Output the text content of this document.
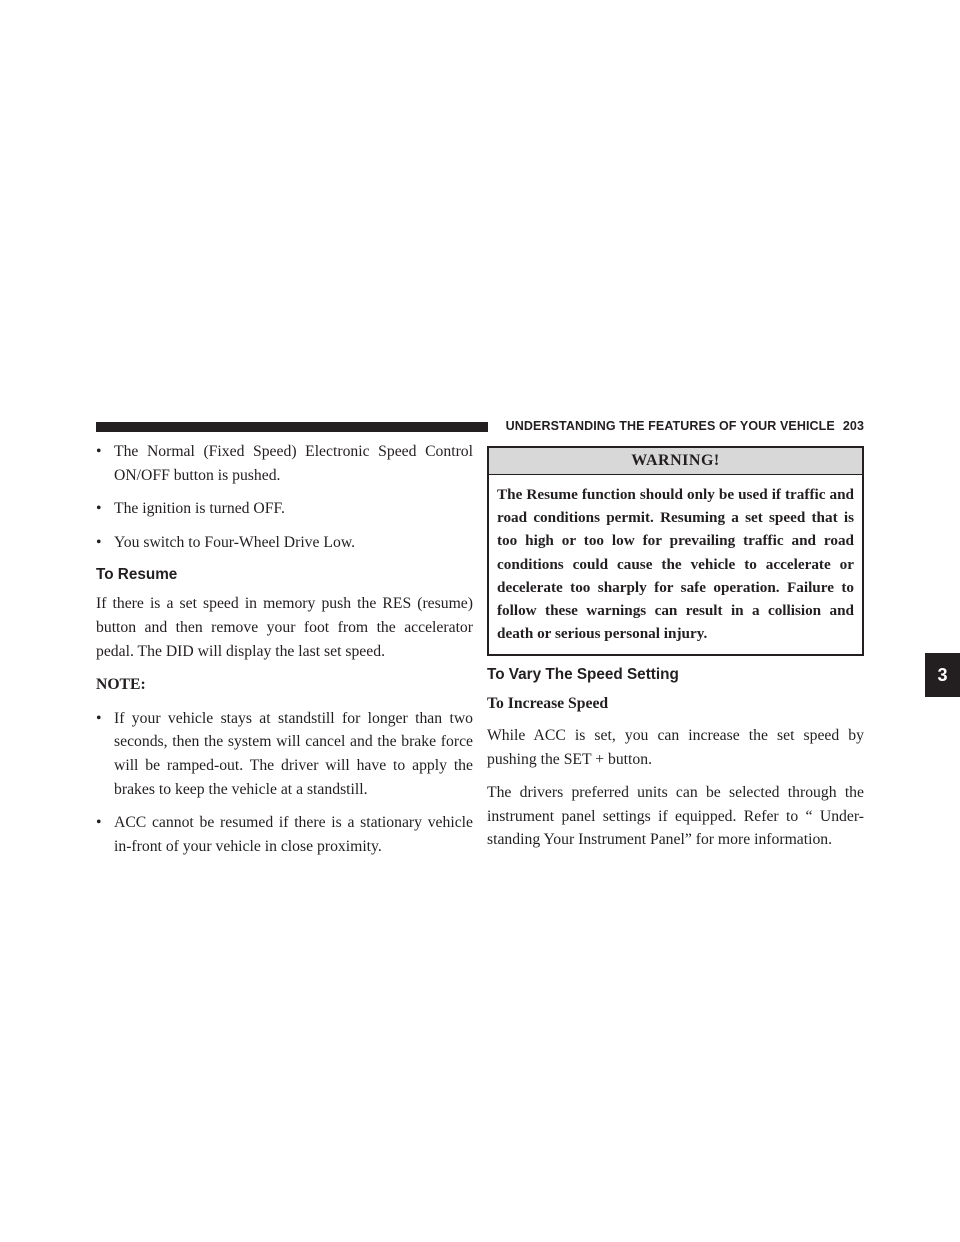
UNDERSTANDING THE FEATURES OF YOUR VEHICLE 203
3
• The Normal (Fixed Speed) Electronic Speed Control ON/OFF button is pushed.
• The ignition is turned OFF.
• You switch to Four-Wheel Drive Low.
To Resume

If there is a set speed in memory push the RES (resume) button and then remove your foot from the accelerator pedal. The DID will display the last set speed.

NOTE:

• If your vehicle stays at standstill for longer than two seconds, then the system will cancel and the brake force will be ramped-out. The driver will have to apply the brakes to keep the vehicle at a standstill.
• ACC cannot be resumed if there is a stationary vehicle in-front of your vehicle in close proximity.
WARNING!
The Resume function should only be used if traffic and road conditions permit. Resuming a set speed that is too high or too low for prevailing traffic and road conditions could cause the vehicle to accelerate or decelerate too sharply for safe operation. Failure to follow these warnings can result in a collision and death or serious personal injury.
To Vary The Speed Setting

To Increase Speed

While ACC is set, you can increase the set speed by pushing the SET + button.

The drivers preferred units can be selected through the instrument panel settings if equipped. Refer to “ Under-standing Your Instrument Panel” for more information.
